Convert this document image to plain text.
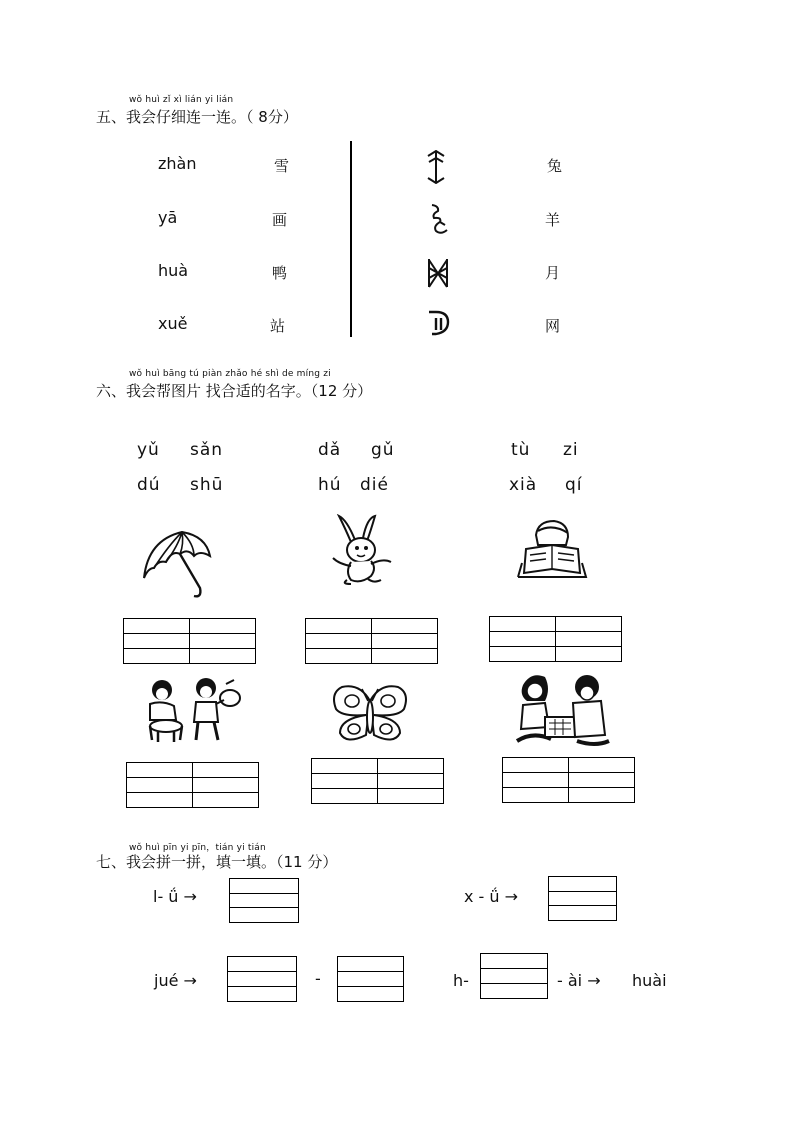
wǒ huì zǐ xì lián yi lián
五、我会仔细连一连。（ 8分）
zhàn
yā
huà
xuě
雪
画
鸭
站
兔
羊
月
网
wǒ huì bāng tú piàn zhǎo hé shì de míng zi
六、我会帮图片 找合适的名字。（12 分）
yǔ sǎn
dú shū
dǎ gǔ
hú dié
tù zi
xià qí
wǒ huì pīn yi pīn，tián yi tián
七、我会拼一拼，填一填。（11 分）
l- ǘ →	x - ǘ →
jué →	-	h-	- ài → huài
